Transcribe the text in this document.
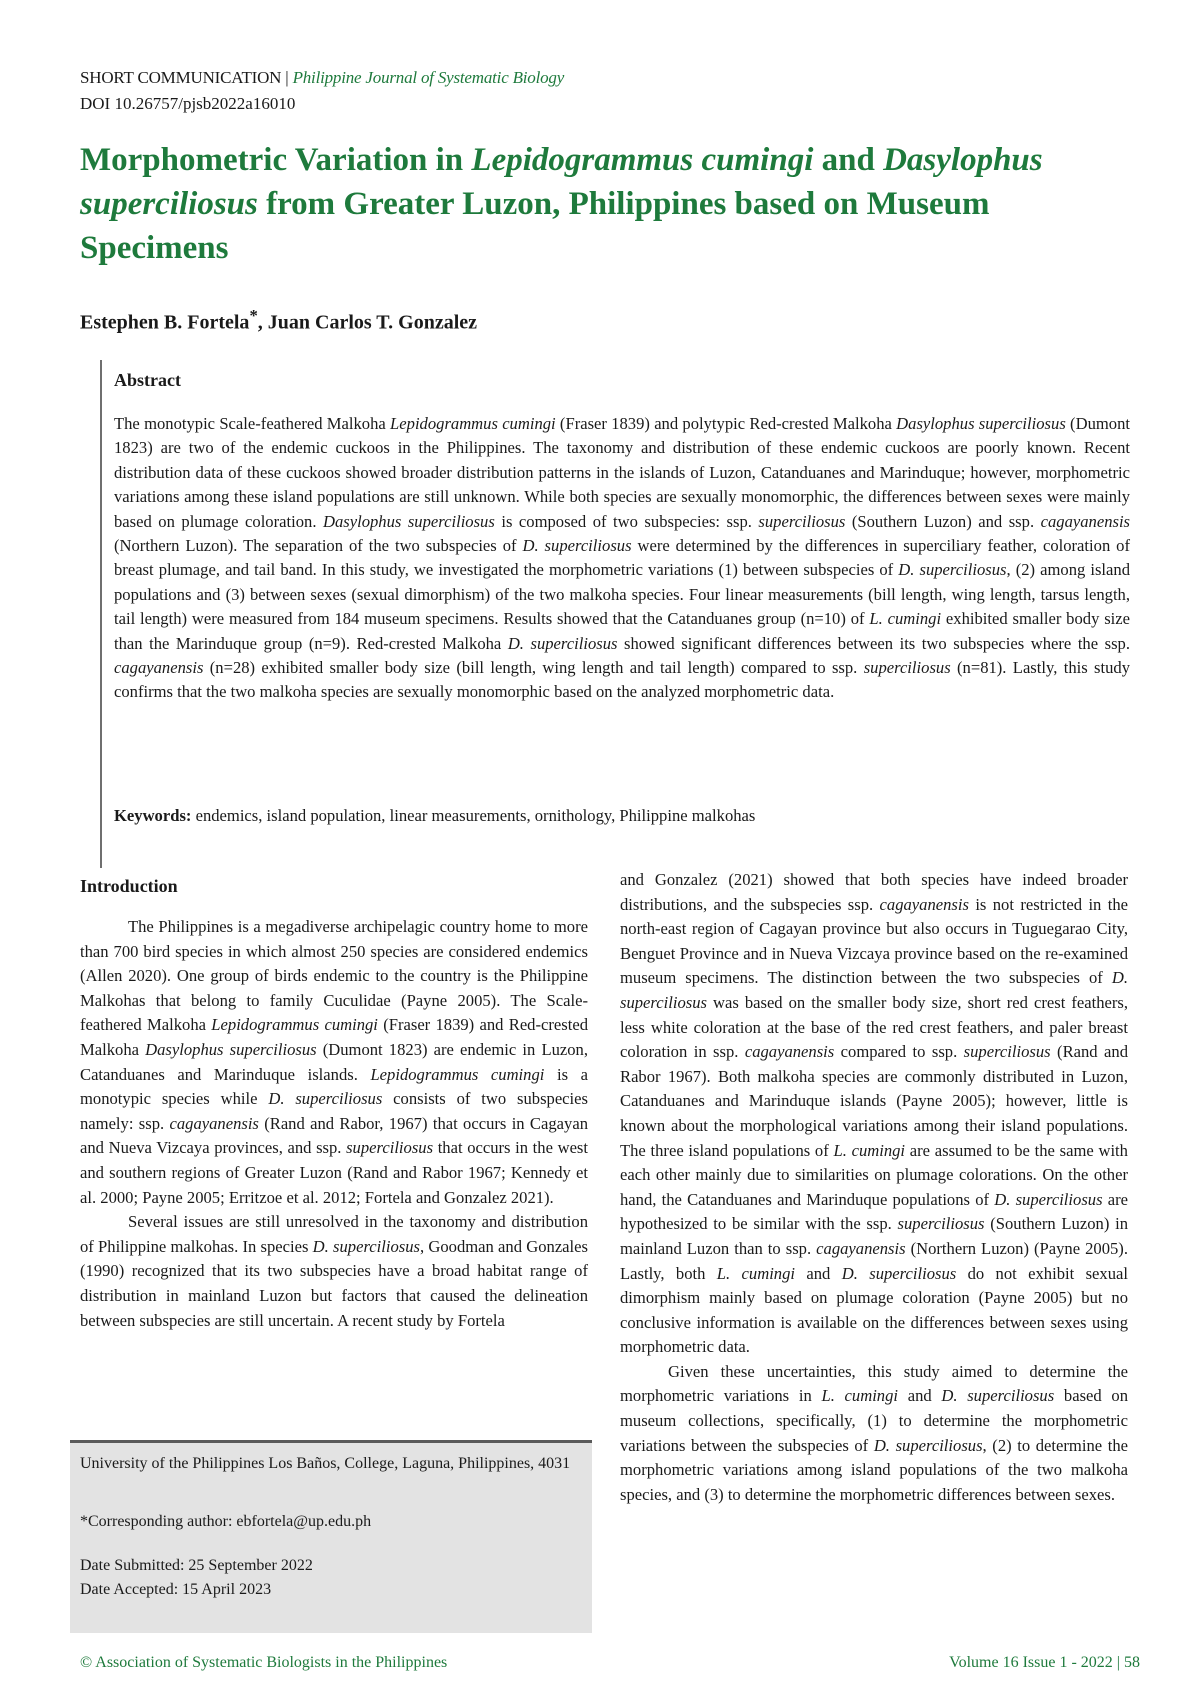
SHORT COMMUNICATION | Philippine Journal of Systematic Biology
DOI 10.26757/pjsb2022a16010
Morphometric Variation in Lepidogrammus cumingi and Dasylophus superciliosus from Greater Luzon, Philippines based on Museum Specimens
Estephen B. Fortela*, Juan Carlos T. Gonzalez
Abstract

The monotypic Scale-feathered Malkoha Lepidogrammus cumingi (Fraser 1839) and polytypic Red-crested Malkoha Dasylophus superciliosus (Dumont 1823) are two of the endemic cuckoos in the Philippines. The taxonomy and distribution of these endemic cuckoos are poorly known. Recent distribution data of these cuckoos showed broader distribution patterns in the islands of Luzon, Catanduanes and Marinduque; however, morphometric variations among these island populations are still unknown. While both species are sexually monomorphic, the differences between sexes were mainly based on plumage coloration. Dasylophus superciliosus is composed of two subspecies: ssp. superciliosus (Southern Luzon) and ssp. cagayanensis (Northern Luzon). The separation of the two subspecies of D. superciliosus were determined by the differences in superciliary feather, coloration of breast plumage, and tail band. In this study, we investigated the morphometric variations (1) between subspecies of D. superciliosus, (2) among island populations and (3) between sexes (sexual dimorphism) of the two malkoha species. Four linear measurements (bill length, wing length, tarsus length, tail length) were measured from 184 museum specimens. Results showed that the Catanduanes group (n=10) of L. cumingi exhibited smaller body size than the Marinduque group (n=9). Red-crested Malkoha D. superciliosus showed significant differences between its two subspecies where the ssp. cagayanensis (n=28) exhibited smaller body size (bill length, wing length and tail length) compared to ssp. superciliosus (n=81). Lastly, this study confirms that the two malkoha species are sexually monomorphic based on the analyzed morphometric data.

Keywords: endemics, island population, linear measurements, ornithology, Philippine malkohas
Introduction

The Philippines is a megadiverse archipelagic country home to more than 700 bird species in which almost 250 species are considered endemics (Allen 2020). One group of birds endemic to the country is the Philippine Malkohas that belong to family Cuculidae (Payne 2005). The Scale-feathered Malkoha Lepidogrammus cumingi (Fraser 1839) and Red-crested Malkoha Dasylophus superciliosus (Dumont 1823) are endemic in Luzon, Catanduanes and Marinduque islands. Lepidogrammus cumingi is a monotypic species while D. superciliosus consists of two subspecies namely: ssp. cagayanensis (Rand and Rabor, 1967) that occurs in Cagayan and Nueva Vizcaya provinces, and ssp. superciliosus that occurs in the west and southern regions of Greater Luzon (Rand and Rabor 1967; Kennedy et al. 2000; Payne 2005; Erritzoe et al. 2012; Fortela and Gonzalez 2021).

Several issues are still unresolved in the taxonomy and distribution of Philippine malkohas. In species D. superciliosus, Goodman and Gonzales (1990) recognized that its two subspecies have a broad habitat range of distribution in mainland Luzon but factors that caused the delineation between subspecies are still uncertain. A recent study by Fortela

and Gonzalez (2021) showed that both species have indeed broader distributions, and the subspecies ssp. cagayanensis is not restricted in the north-east region of Cagayan province but also occurs in Tuguegarao City, Benguet Province and in Nueva Vizcaya province based on the re-examined museum specimens. The distinction between the two subspecies of D. superciliosus was based on the smaller body size, short red crest feathers, less white coloration at the base of the red crest feathers, and paler breast coloration in ssp. cagayanensis compared to ssp. superciliosus (Rand and Rabor 1967). Both malkoha species are commonly distributed in Luzon, Catanduanes and Marinduque islands (Payne 2005); however, little is known about the morphological variations among their island populations. The three island populations of L. cumingi are assumed to be the same with each other mainly due to similarities on plumage colorations. On the other hand, the Catanduanes and Marinduque populations of D. superciliosus are hypothesized to be similar with the ssp. superciliosus (Southern Luzon) in mainland Luzon than to ssp. cagayanensis (Northern Luzon) (Payne 2005). Lastly, both L. cumingi and D. superciliosus do not exhibit sexual dimorphism mainly based on plumage coloration (Payne 2005) but no conclusive information is available on the differences between sexes using morphometric data.

Given these uncertainties, this study aimed to determine the morphometric variations in L. cumingi and D. superciliosus based on museum collections, specifically, (1) to determine the morphometric variations between the subspecies of D. superciliosus, (2) to determine the morphometric variations among island populations of the two malkoha species, and (3) to determine the morphometric differences between sexes.

University of the Philippines Los Baños, College, Laguna, Philippines, 4031
*Corresponding author: ebfortela@up.edu.ph
Date Submitted: 25 September 2022
Date Accepted: 15 April 2023
© Association of Systematic Biologists in the Philippines	Volume 16 Issue 1 - 2022 | 58
